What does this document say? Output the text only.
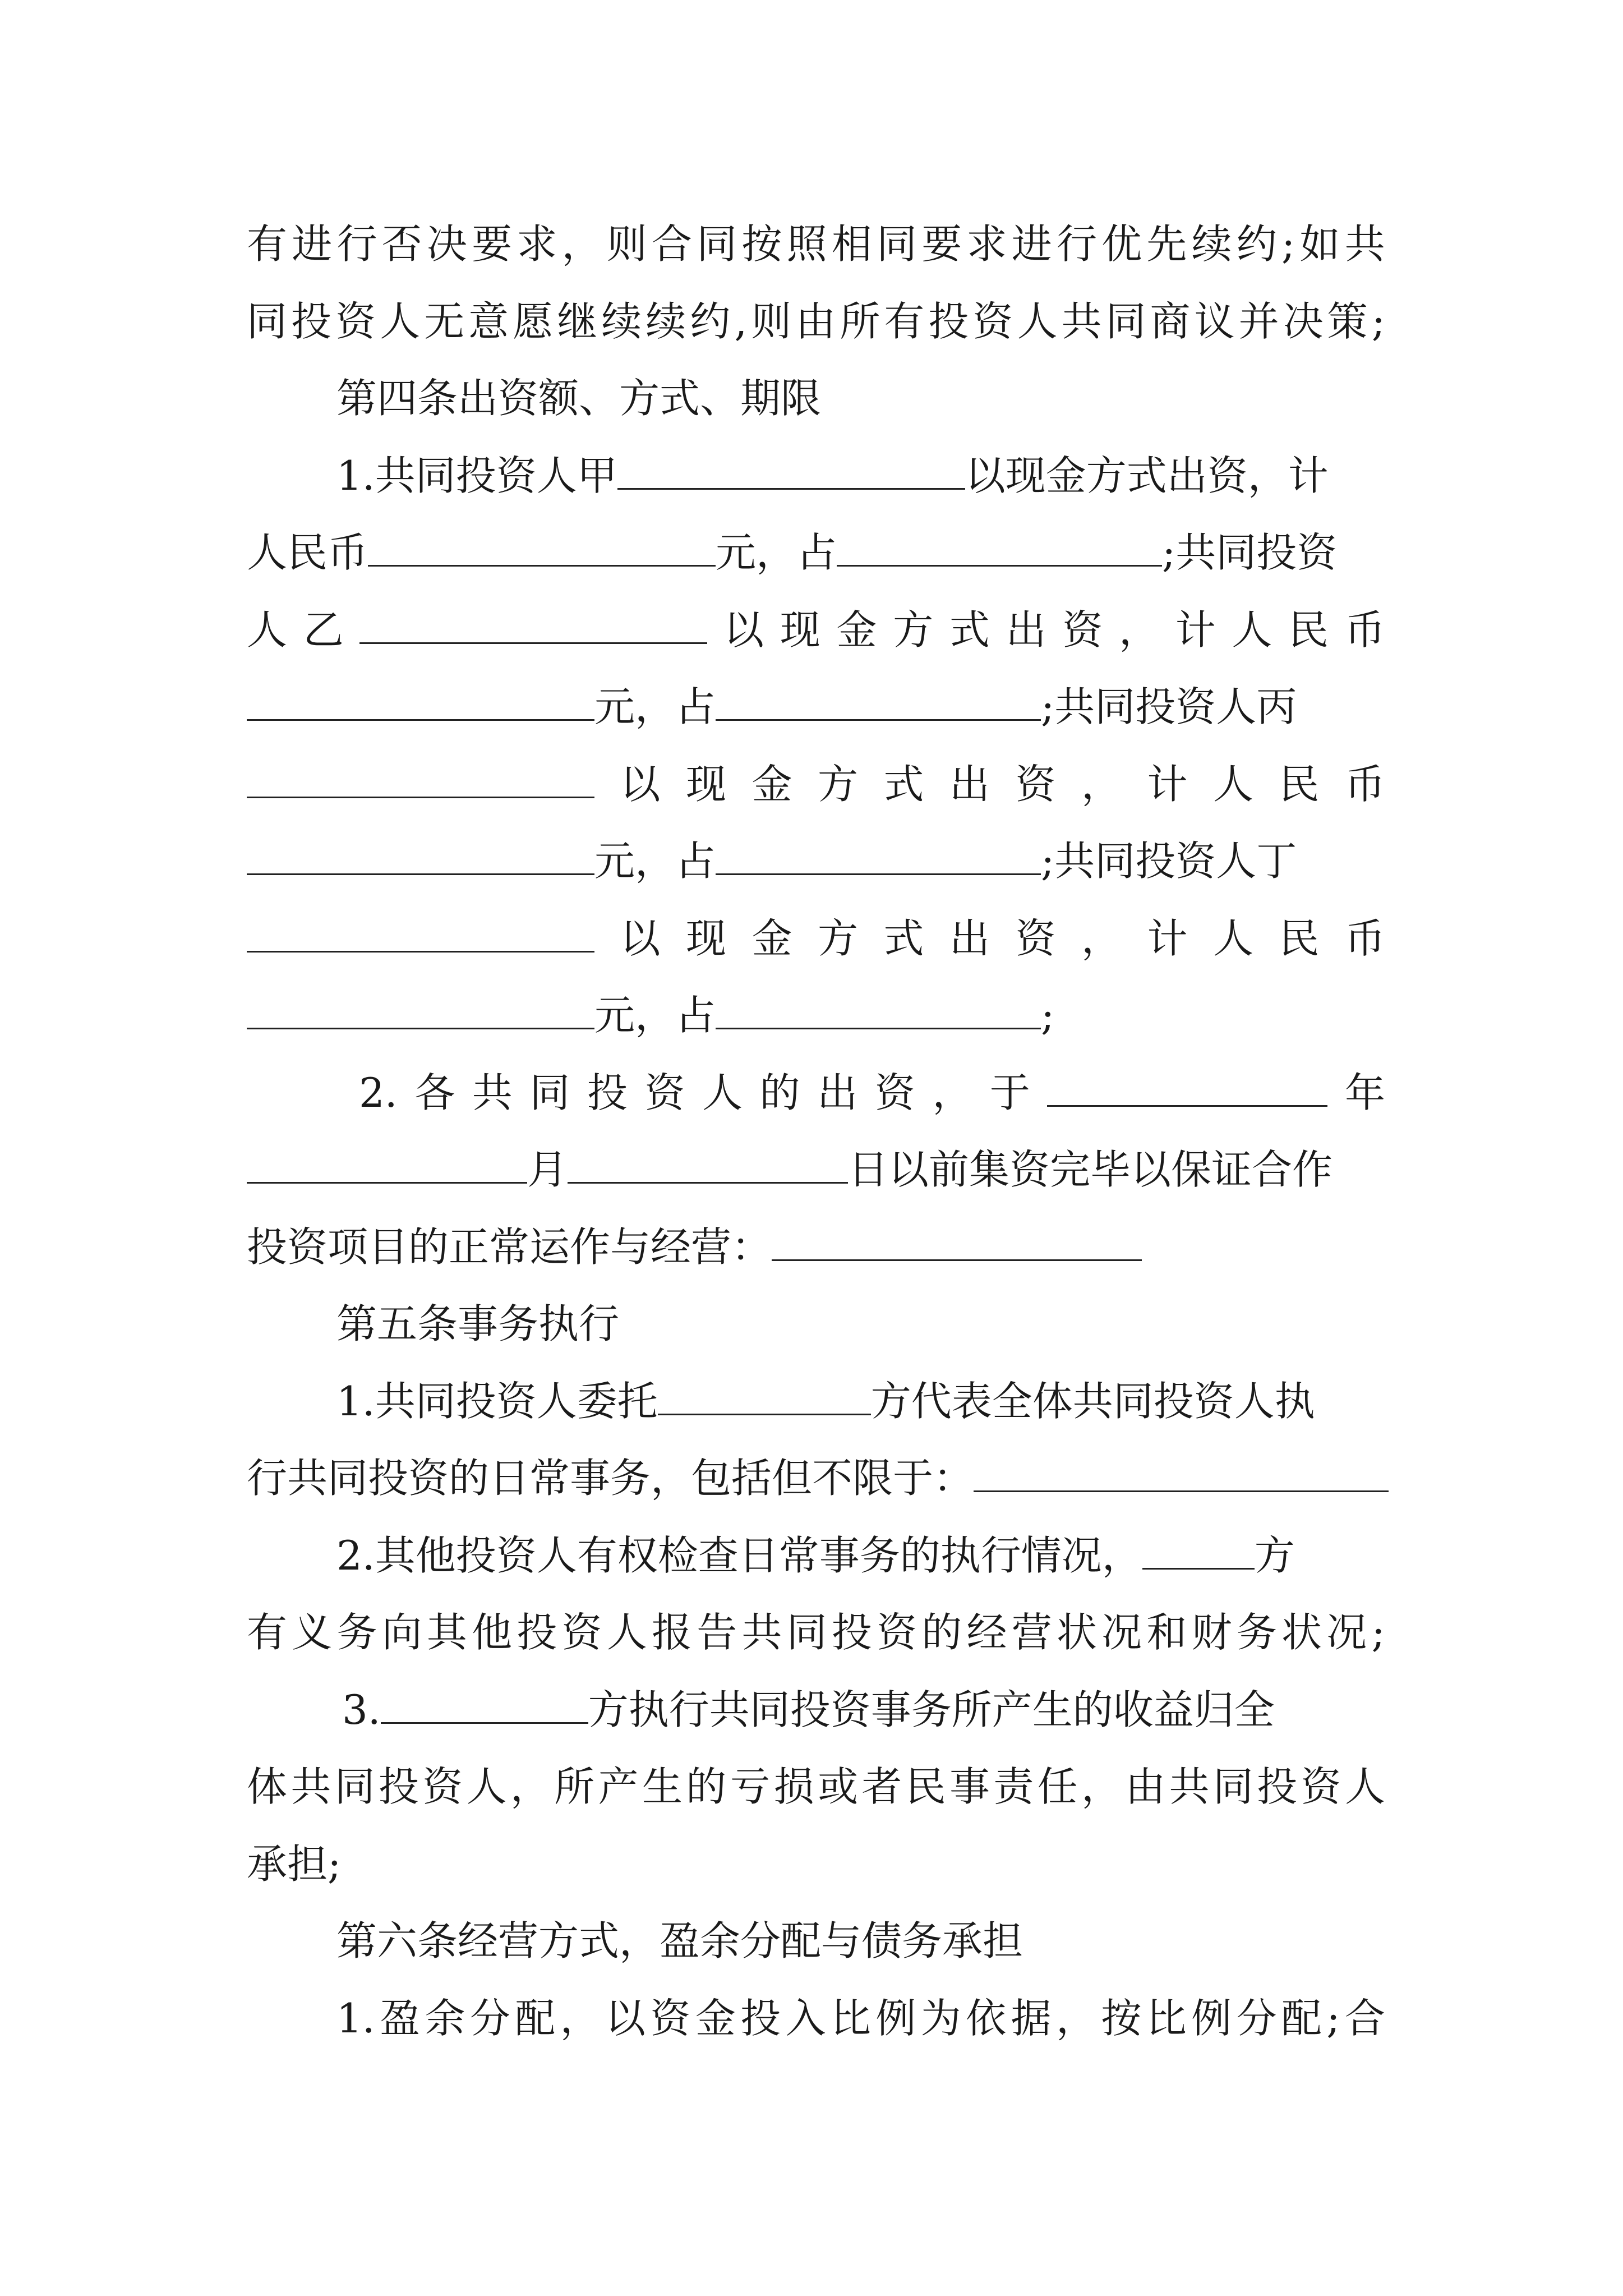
有 进 行 否 决 要 求 ， 则 合 同 按 照 相 同 要 求 进 行 优 先 续 约 ; 如 共
同 投 资 人 无 意 愿 继 续 续 约 , 则 由 所 有 投 资 人 共 同 商 议 并 决 策 ;
第四条出资额、方式、期限
1.共同投资人甲	以现金方式出资，计
人民币	元，占	;共同投资
人 乙	以 现 金 方 式 出 资 ， 计 人 民 币
元，占	;共同投资人丙
以 现 金 方 式 出 资 ， 计 人 民 币
元，占	;共同投资人丁
以 现 金 方 式 出 资 ， 计 人 民 币
元，占	;
2. 各 共 同 投 资 人 的 出 资 ， 于	年
月	日以前集资完毕以保证合作
投资项目的正常运作与经营：
第五条事务执行
1.共同投资人委托	方代表全体共同投资人执
行共同投资的日常事务，包括但不限于：
2.其他投资人有权检查日常事务的执行情况，	方
有 义 务 向 其 他 投 资 人 报 告 共 同 投 资 的 经 营 状 况 和 财 务 状 况 ;
3.	方执行共同投资事务所产生的收益归全
体 共 同 投 资 人 ， 所 产 生 的 亏 损 或 者 民 事 责 任 ， 由 共 同 投 资 人
承担;
第六条经营方式，盈余分配与债务承担
1. 盈 余 分 配 ， 以 资 金 投 入 比 例 为 依 据 ， 按 比 例 分 配 ; 合
